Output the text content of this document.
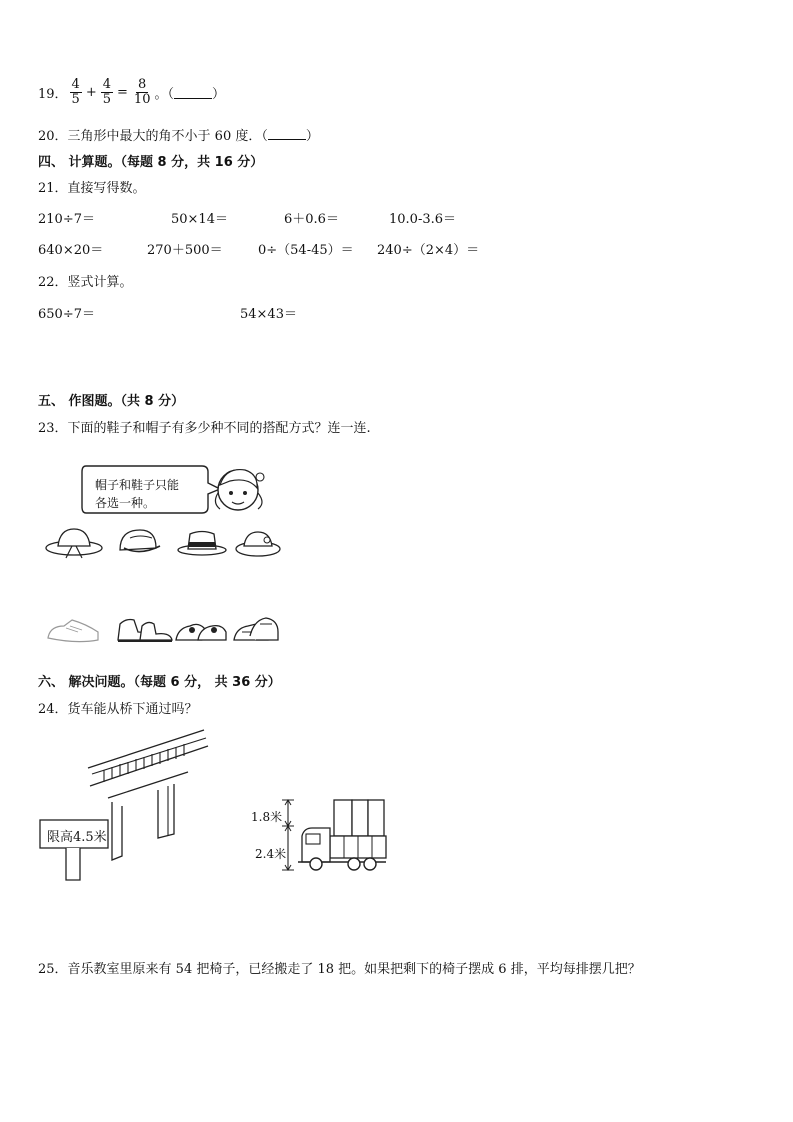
19． $\frac{4}{5} + \frac{4}{5} = \frac{8}{10}$ 。（	）
20．三角形中最大的角不小于 60 度．（	）
四、 计算题。（每题 8 分，共 16 分）
21．直接写得数。
210÷7＝	50×14＝	6＋0.6＝	10.0-3.6＝
640×20＝	270＋500＝	0÷（54-45）＝ 240÷（2×4）＝
22．竖式计算。
650÷7＝	54×43＝
五、 作图题。（共 8 分）
23．下面的鞋子和帽子有多少种不同的搭配方式？连一连.
帽子和鞋子只能
各选一种。
六、 解决问题。（每题 6 分， 共 36 分）
24．货车能从桥下通过吗？
限高4.5米
1.8米
2.4米
25．音乐教室里原来有 54 把椅子，已经搬走了 18 把。如果把剩下的椅子摆成 6 排，平均每排摆几把？
